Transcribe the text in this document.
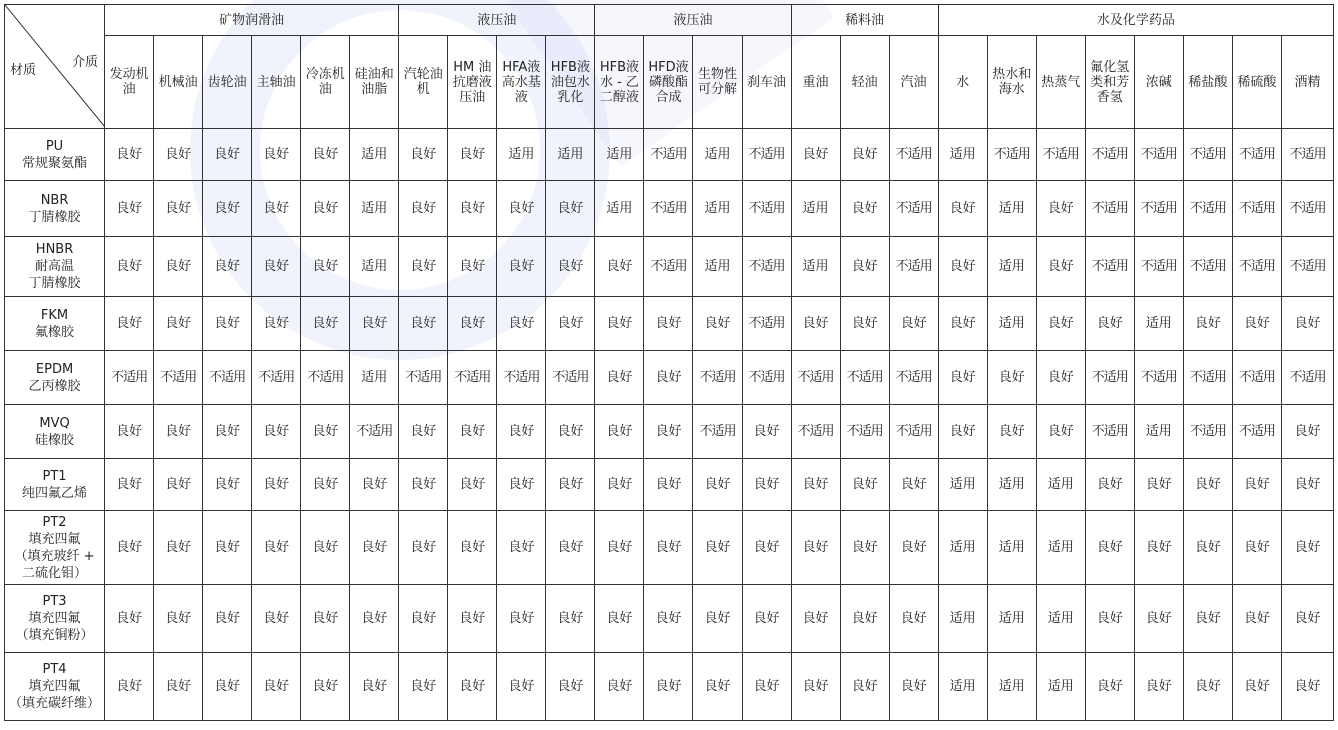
材质
介质	矿物润滑油						液压油				液压油				稀料油			水及化学药品							
	发动机油	机械油	齿轮油	主轴油	冷冻机油	硅油和油脂	汽轮油机	HM 油抗磨液压油	HFA液高水基液	HFB液油包水乳化	HFB液水 - 乙二醇液	HFD液磷酸酯合成	生物性可分解	刹车油	重油	轻油	汽油	水	热水和海水	热蒸气	氟化氢类和芳香氢	浓碱	稀盐酸	稀硫酸	酒精
PU
常规聚氨酯	良好	良好	良好	良好	良好	适用	良好	良好	适用	适用	适用	不适用	适用	不适用	良好	良好	不适用	适用	不适用	不适用	不适用	不适用	不适用	不适用	不适用
NBR
丁腈橡胶	良好	良好	良好	良好	良好	适用	良好	良好	良好	良好	适用	不适用	适用	不适用	适用	良好	不适用	良好	适用	良好	不适用	不适用	不适用	不适用	不适用
HNBR
耐高温
丁腈橡胶	良好	良好	良好	良好	良好	适用	良好	良好	良好	良好	良好	不适用	适用	不适用	适用	良好	不适用	良好	适用	良好	不适用	不适用	不适用	不适用	不适用
FKM
氟橡胶	良好	良好	良好	良好	良好	良好	良好	良好	良好	良好	良好	良好	良好	不适用	良好	良好	良好	良好	适用	良好	良好	适用	良好	良好	良好
EPDM
乙丙橡胶	不适用	不适用	不适用	不适用	不适用	适用	不适用	不适用	不适用	不适用	良好	良好	不适用	不适用	不适用	不适用	不适用	良好	良好	良好	不适用	不适用	不适用	不适用	不适用
MVQ
硅橡胶	良好	良好	良好	良好	良好	不适用	良好	良好	良好	良好	良好	良好	不适用	良好	不适用	不适用	不适用	良好	良好	良好	不适用	适用	不适用	不适用	良好
PT1
纯四氟乙烯	良好	良好	良好	良好	良好	良好	良好	良好	良好	良好	良好	良好	良好	良好	良好	良好	良好	适用	适用	适用	良好	良好	良好	良好	良好
PT2
填充四氟
（填充玻纤 +
二硫化钼）	良好	良好	良好	良好	良好	良好	良好	良好	良好	良好	良好	良好	良好	良好	良好	良好	良好	适用	适用	适用	良好	良好	良好	良好	良好
PT3
填充四氟
（填充铜粉）	良好	良好	良好	良好	良好	良好	良好	良好	良好	良好	良好	良好	良好	良好	良好	良好	良好	适用	适用	适用	良好	良好	良好	良好	良好
PT4
填充四氟
（填充碳纤维）	良好	良好	良好	良好	良好	良好	良好	良好	良好	良好	良好	良好	良好	良好	良好	良好	良好	适用	适用	适用	良好	良好	良好	良好	良好
